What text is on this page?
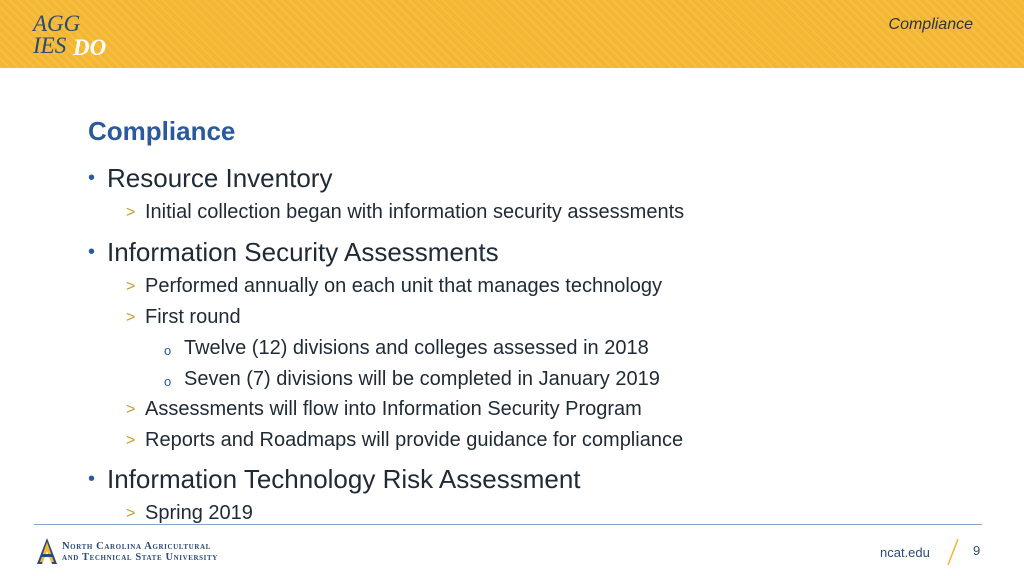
AGG
IES DO
Compliance
Compliance
• Resource Inventory
> Initial collection began with information security assessments
• Information Security Assessments
> Performed annually on each unit that manages technology
> First round
o Twelve (12) divisions and colleges assessed in 2018
o Seven (7) divisions will be completed in January 2019
> Assessments will flow into Information Security Program
> Reports and Roadmaps will provide guidance for compliance
• Information Technology Risk Assessment
> Spring 2019
North Carolina Agricultural
and Technical State University	ncat.edu	9
